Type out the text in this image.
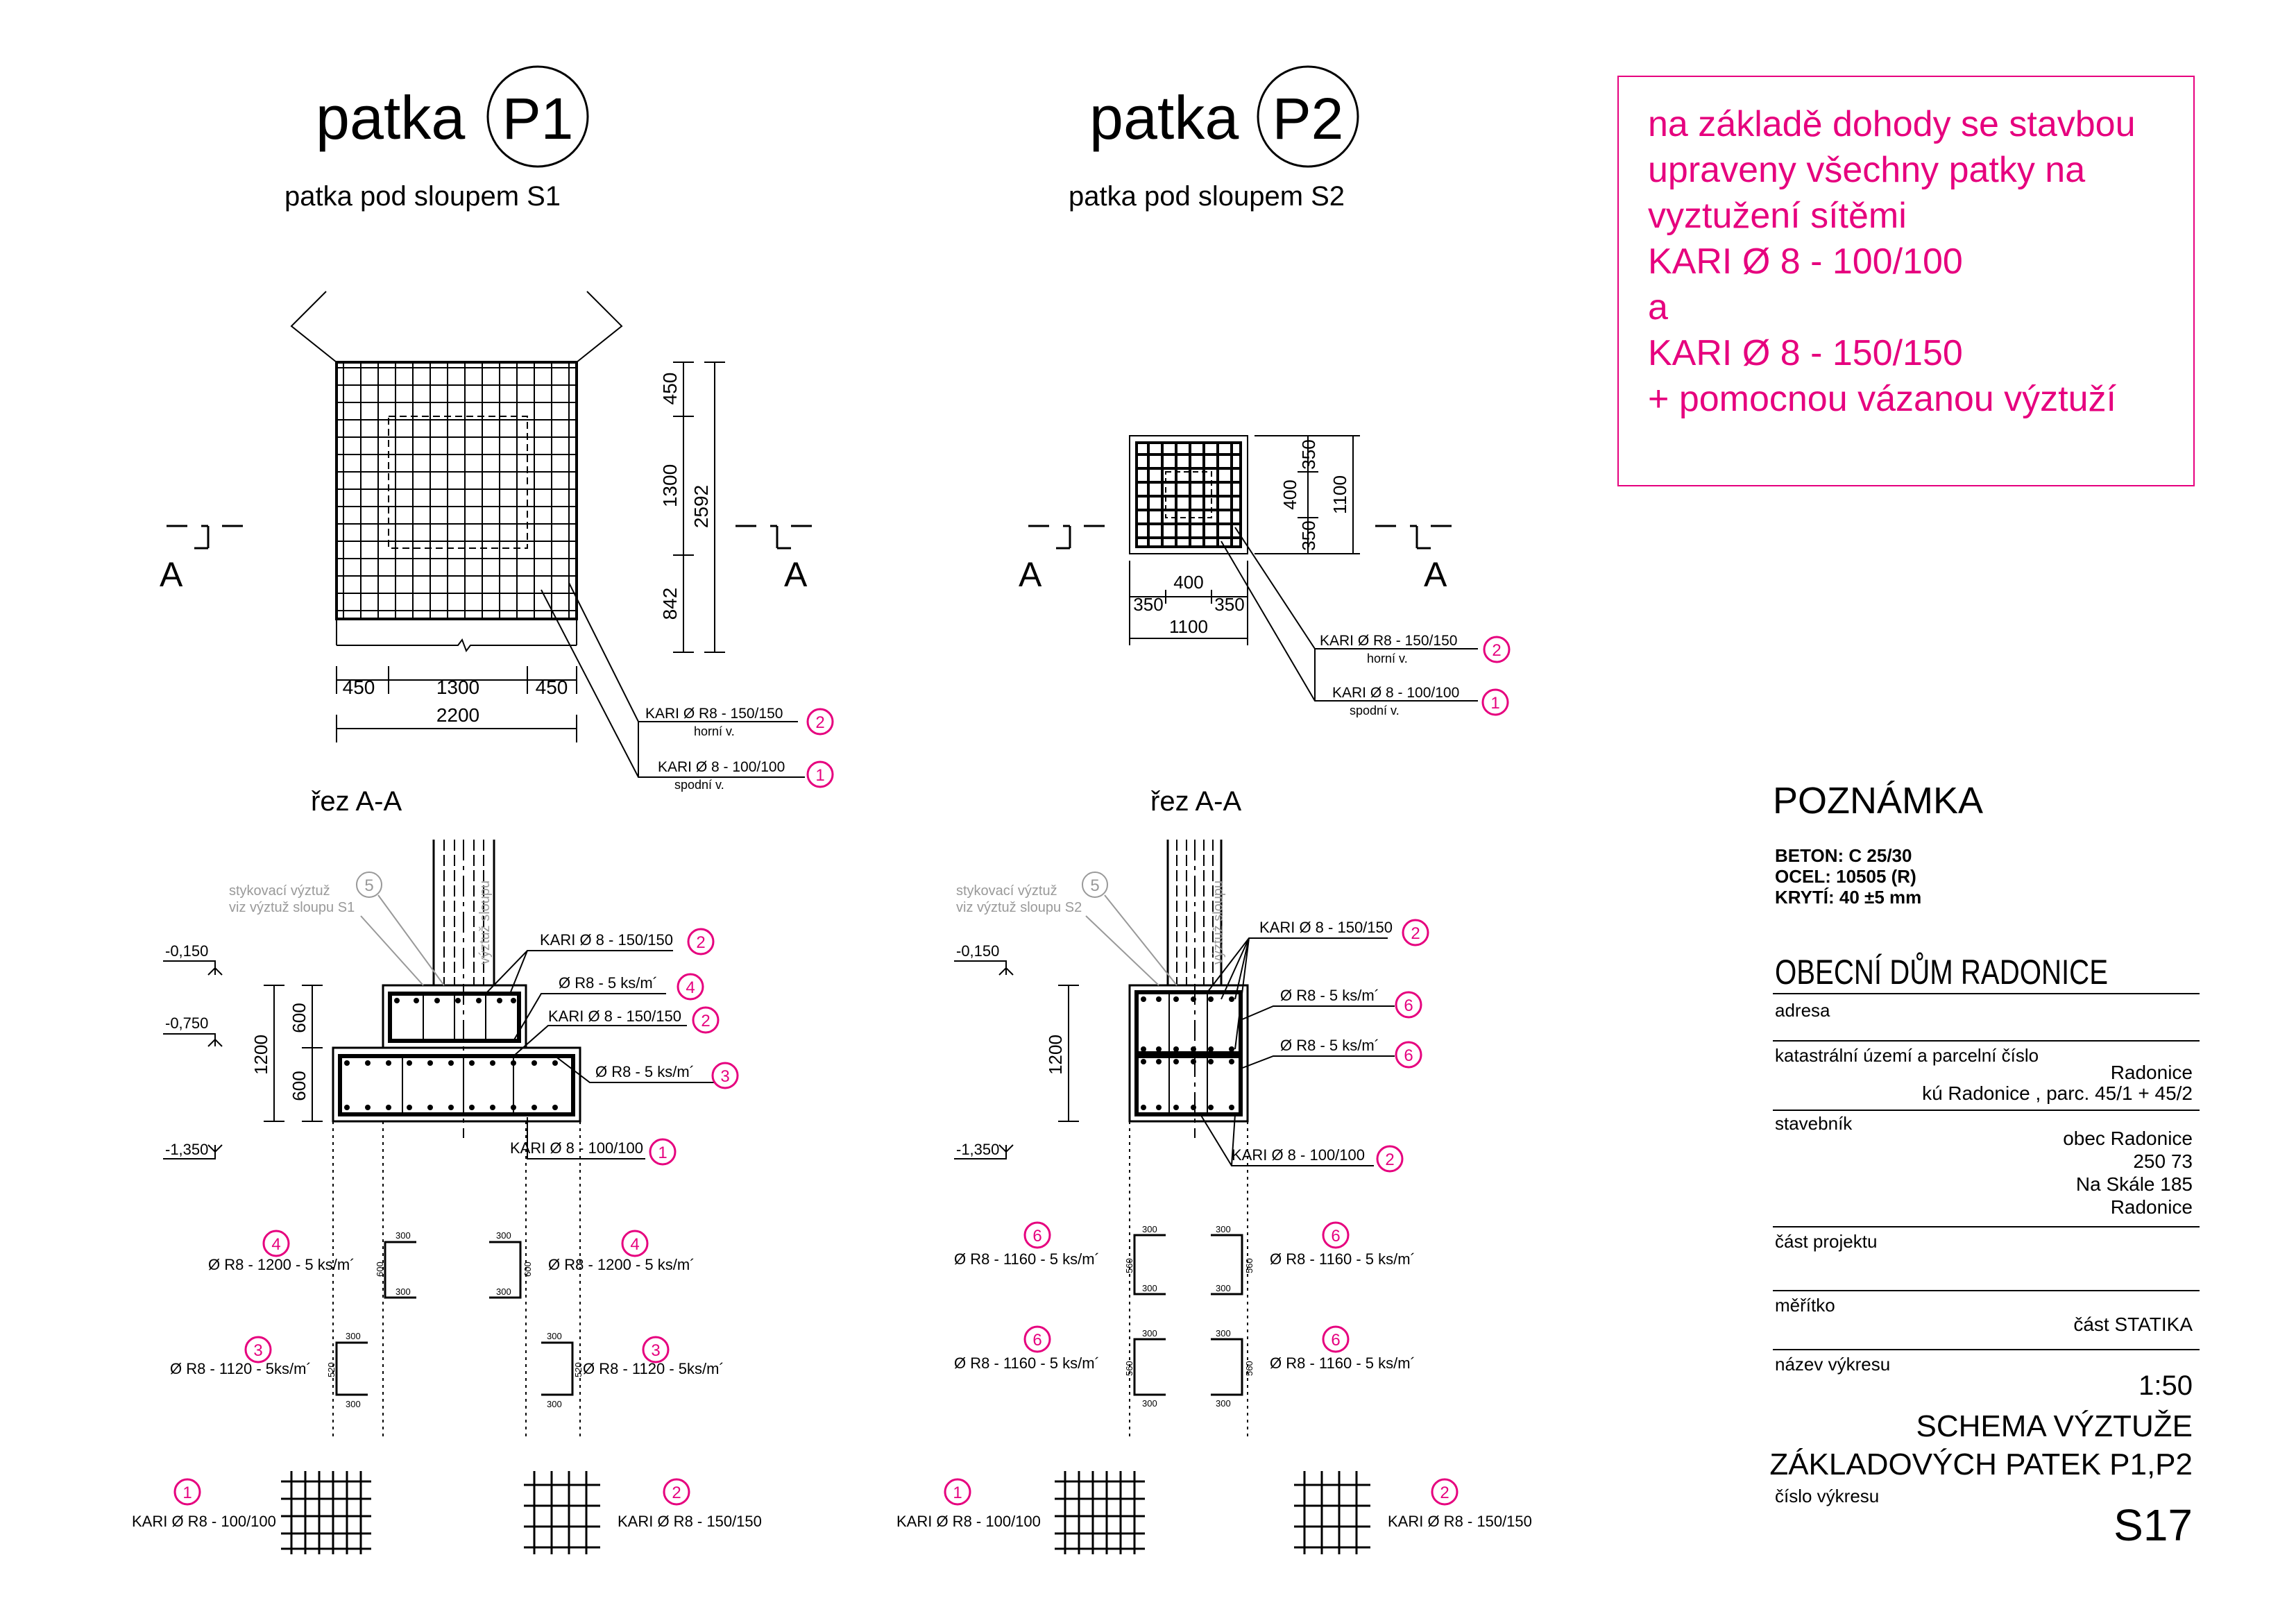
patka P1
patka pod sloupem S1
450	1300	450
2200
450
1300
842
2592
A	A
KARI Ø R8 - 150/150
horní v.	2
KARI Ø 8 - 100/100
spodní v.	1
řez A-A
-0,150
-0,750
-1,350
600
600
1200
stykovací výztuž
viz výztuž sloupu S1
5	výztuž sloupu	KARI Ø 8 - 150/150 2
Ø R8 - 5 ks/m´ 4
KARI Ø 8 - 150/150 2
Ø R8 - 5 ks/m´ 3
KARI Ø 8 - 100/100 1
4
Ø R8 - 1200 - 5 ks/m´
300
600
300
4
Ø R8 - 1200 - 5 ks/m´
300
600
300
3
Ø R8 - 1120 - 5ks/m´
300
520
300
3
Ø R8 - 1120 - 5ks/m´
300
520
300
1
KARI Ø R8 - 100/100
2
KARI Ø R8 - 150/150
patka P2
patka pod sloupem S2
350
400
350
1100
350
400
350
1100
A	A
KARI Ø R8 - 150/150
horní v.	2
KARI Ø 8 - 100/100
spodní v.	1
řez A-A
-0,150
-1,350
1200
stykovací výztuž
viz výztuž sloupu S2
5	výztuž sloupu KARI Ø 8 - 150/150 2
Ø R8 - 5 ks/m´
6
Ø R8 - 5 ks/m´
6
KARI Ø 8 - 100/100 2
6
Ø R8 - 1160 - 5 ks/m´
300
560
300
6
Ø R8 - 1160 - 5 ks/m´
300
560
300
6
Ø R8 - 1160 - 5 ks/m´
300
560
300
6
Ø R8 - 1160 - 5 ks/m´
300
560
300
1
KARI Ø R8 - 100/100
2
KARI Ø R8 - 150/150
na základě dohody se stavbou
upraveny všechny patky na
vyztužení sítěmi
KARI Ø 8 - 100/100
a
KARI Ø 8 - 150/150
+ pomocnou vázanou výztuží
POZNÁMKA
BETON: C 25/30
OCEL: 10505 (R)
KRYTÍ: 40 ±5 mm
OBECNÍ DŮM RADONICE
adresa
katastrální území a parcelní číslo
Radonice
kú Radonice , parc. 45/1 + 45/2
stavebník
obec Radonice
250 73
Na Skále 185
Radonice
část projektu
měřítko
část STATIKA
název výkresu
1:50
SCHEMA VÝZTUŽE
ZÁKLADOVÝCH PATEK P1,P2
číslo výkresu
S17
